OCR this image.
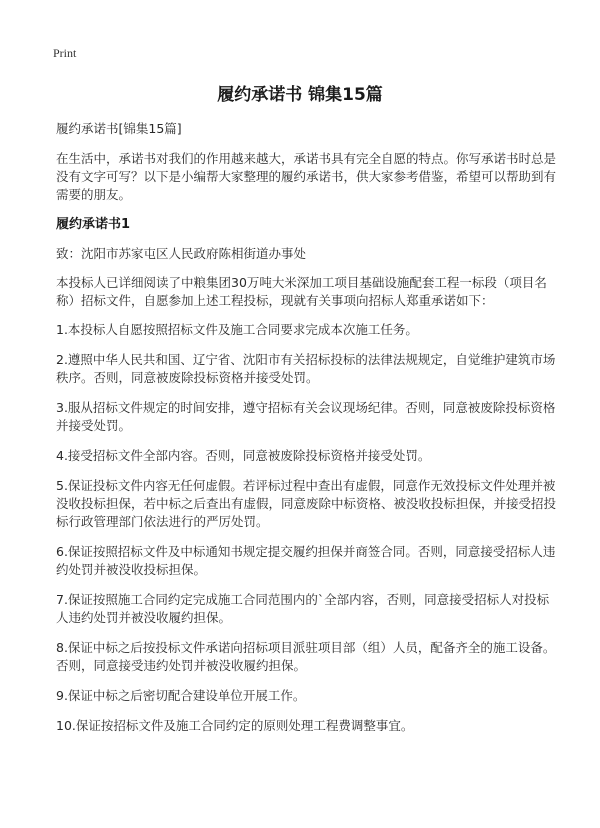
Print
履约承诺书 锦集15篇

履约承诺书[锦集15篇]

在生活中，承诺书对我们的作用越来越大，承诺书具有完全自愿的特点。你写承诺书时总是没有文字可写？以下是小编帮大家整理的履约承诺书，供大家参考借鉴，希望可以帮助到有需要的朋友。

履约承诺书1

致：沈阳市苏家屯区人民政府陈相街道办事处

本投标人已详细阅读了中粮集团30万吨大米深加工项目基础设施配套工程一标段（项目名称）招标文件，自愿参加上述工程投标，现就有关事项向招标人郑重承诺如下：

1.本投标人自愿按照招标文件及施工合同要求完成本次施工任务。

2.遵照中华人民共和国、辽宁省、沈阳市有关招标投标的法律法规规定，自觉维护建筑市场秩序。否则，同意被废除投标资格并接受处罚。

3.服从招标文件规定的时间安排，遵守招标有关会议现场纪律。否则，同意被废除投标资格并接受处罚。

4.接受招标文件全部内容。否则，同意被废除投标资格并接受处罚。

5.保证投标文件内容无任何虚假。若评标过程中查出有虚假，同意作无效投标文件处理并被没收投标担保，若中标之后查出有虚假，同意废除中标资格、被没收投标担保，并接受招投标行政管理部门依法进行的严厉处罚。

6.保证按照招标文件及中标通知书规定提交履约担保并商签合同。否则，同意接受招标人违约处罚并被没收投标担保。

7.保证按照施工合同约定完成施工合同范围内的`全部内容，否则，同意接受招标人对投标人违约处罚并被没收履约担保。

8.保证中标之后按投标文件承诺向招标项目派驻项目部（组）人员，配备齐全的施工设备。否则，同意接受违约处罚并被没收履约担保。

9.保证中标之后密切配合建设单位开展工作。

10.保证按招标文件及施工合同约定的原则处理工程费调整事宜。
